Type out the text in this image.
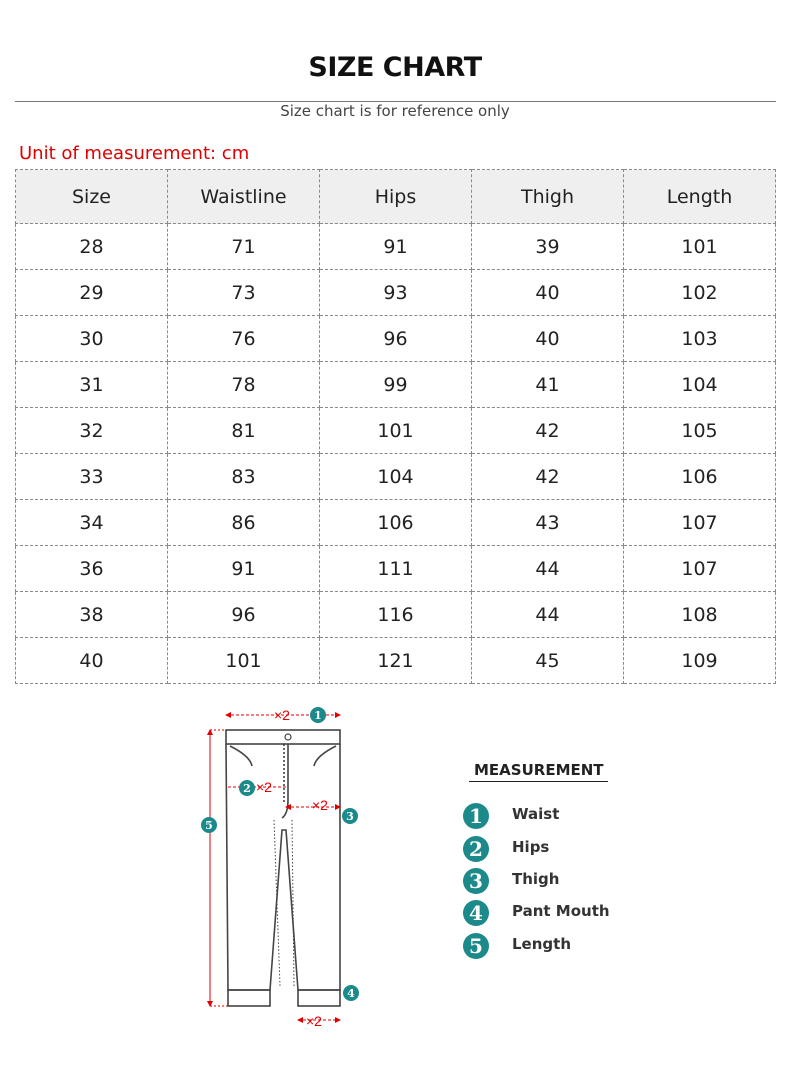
SIZE CHART
Size chart is for reference only
Unit of measurement: cm
Size	Waistline	Hips	Thigh	Length
28	71	91	39	101
29	73	93	40	102
30	76	96	40	103
31	78	99	41	104
32	81	101	42	105
33	83	104	42	106
34	86	106	43	107
36	91	111	44	107
38	96	116	44	108
40	101	121	45	109
×2
×2
×2
×2
1
2
3
4
5
MEASUREMENT
1	Waist
2	Hips
3	Thigh
4	Pant Mouth
5	Length
